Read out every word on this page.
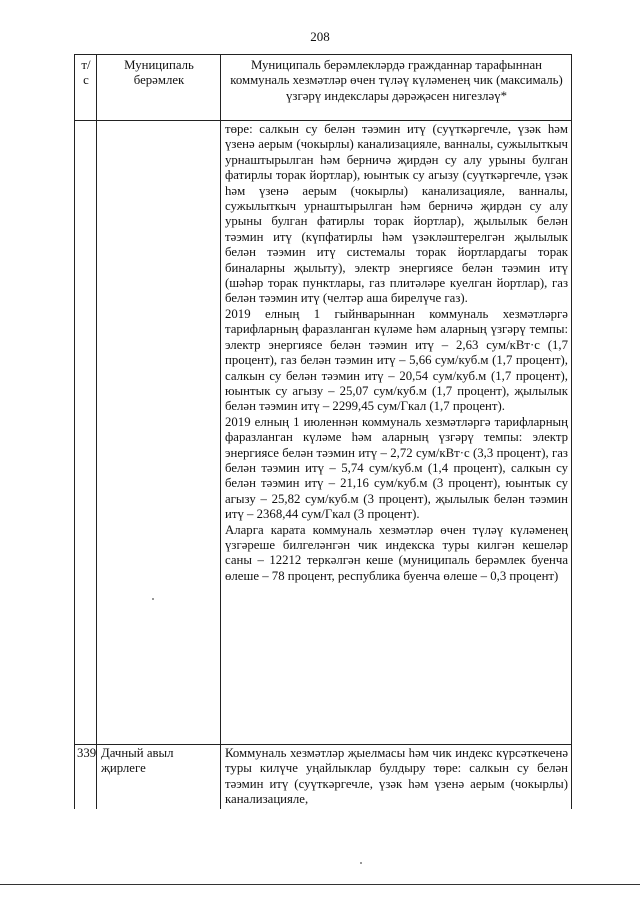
208
т/с	Муниципаль берәмлек	Муниципаль берәмлекләрдә гражданнар тарафыннан коммуналь хезмәтләр өчен түләү күләменең чик (максималь) үзгәрү индекслары дәрәҗәсен нигезләү*

		төре: салкын су белән тәэмин итү (суүткәргечле, үзәк һәм үзенә аерым (чокырлы) канализацияле, ванналы, сужылыткыч урнаштырылган һәм берничә җирдән су алу урыны булган фатирлы торак йортлар), юынтык су агызу (суүткәргечле, үзәк һәм үзенә аерым (чокырлы) канализацияле, ванналы, сужылыткыч урнаштырылган һәм берничә җирдән су алу урыны булган фатирлы торак йортлар), җылылык белән тәэмин итү (күпфатирлы һәм үзәкләштерелгән җылылык белән тәэмин итү системалы торак йортлардагы торак биналарны җылыту), электр энергиясе белән тәэмин итү (шәһәр торак пунктлары, газ плитәләре куелган йортлар), газ белән тәэмин итү (челтәр аша бирелүче газ).

2019 елның 1 гыйнварыннан коммуналь хезмәтләргә тарифларның фаразланган күләме һәм аларның үзгәрү темпы: электр энергиясе белән тәэмин итү – 2,63 сум/кВт·с (1,7 процент), газ белән тәэмин итү – 5,66 сум/куб.м (1,7 процент), салкын су белән тәэмин итү – 20,54 сум/куб.м (1,7 процент), юынтык су агызу – 25,07 сум/куб.м (1,7 процент), җылылык белән тәэмин итү – 2299,45 сум/Гкал (1,7 процент).

2019 елның 1 июленнән коммуналь хезмәтләргә тарифларның фаразланган күләме һәм аларның үзгәрү темпы: электр энергиясе белән тәэмин итү – 2,72 сум/кВт·с (3,3 процент), газ белән тәэмин итү – 5,74 сум/куб.м (1,4 процент), салкын су белән тәэмин итү – 21,16 сум/куб.м (3 процент), юынтык су агызу – 25,82 сум/куб.м (3 процент), җылылык белән тәэмин итү – 2368,44 сум/Гкал (3 процент).

Аларга карата коммуналь хезмәтләр өчен түләү күләменең үзгәреше билгеләнгән чик индекска туры килгән кешеләр саны – 12212 теркәлгән кеше (муниципаль берәмлек буенча өлеше – 78 процент, республика буенча өлеше – 0,3 процент)

339	Дачный авыл җирлеге	Коммуналь хезмәтләр җыелмасы һәм чик индекс күрсәткеченә туры килүче уңайлыклар булдыру төре: салкын су белән тәэмин итү (суүткәргечле, үзәк һәм үзенә аерым (чокырлы) канализацияле,
